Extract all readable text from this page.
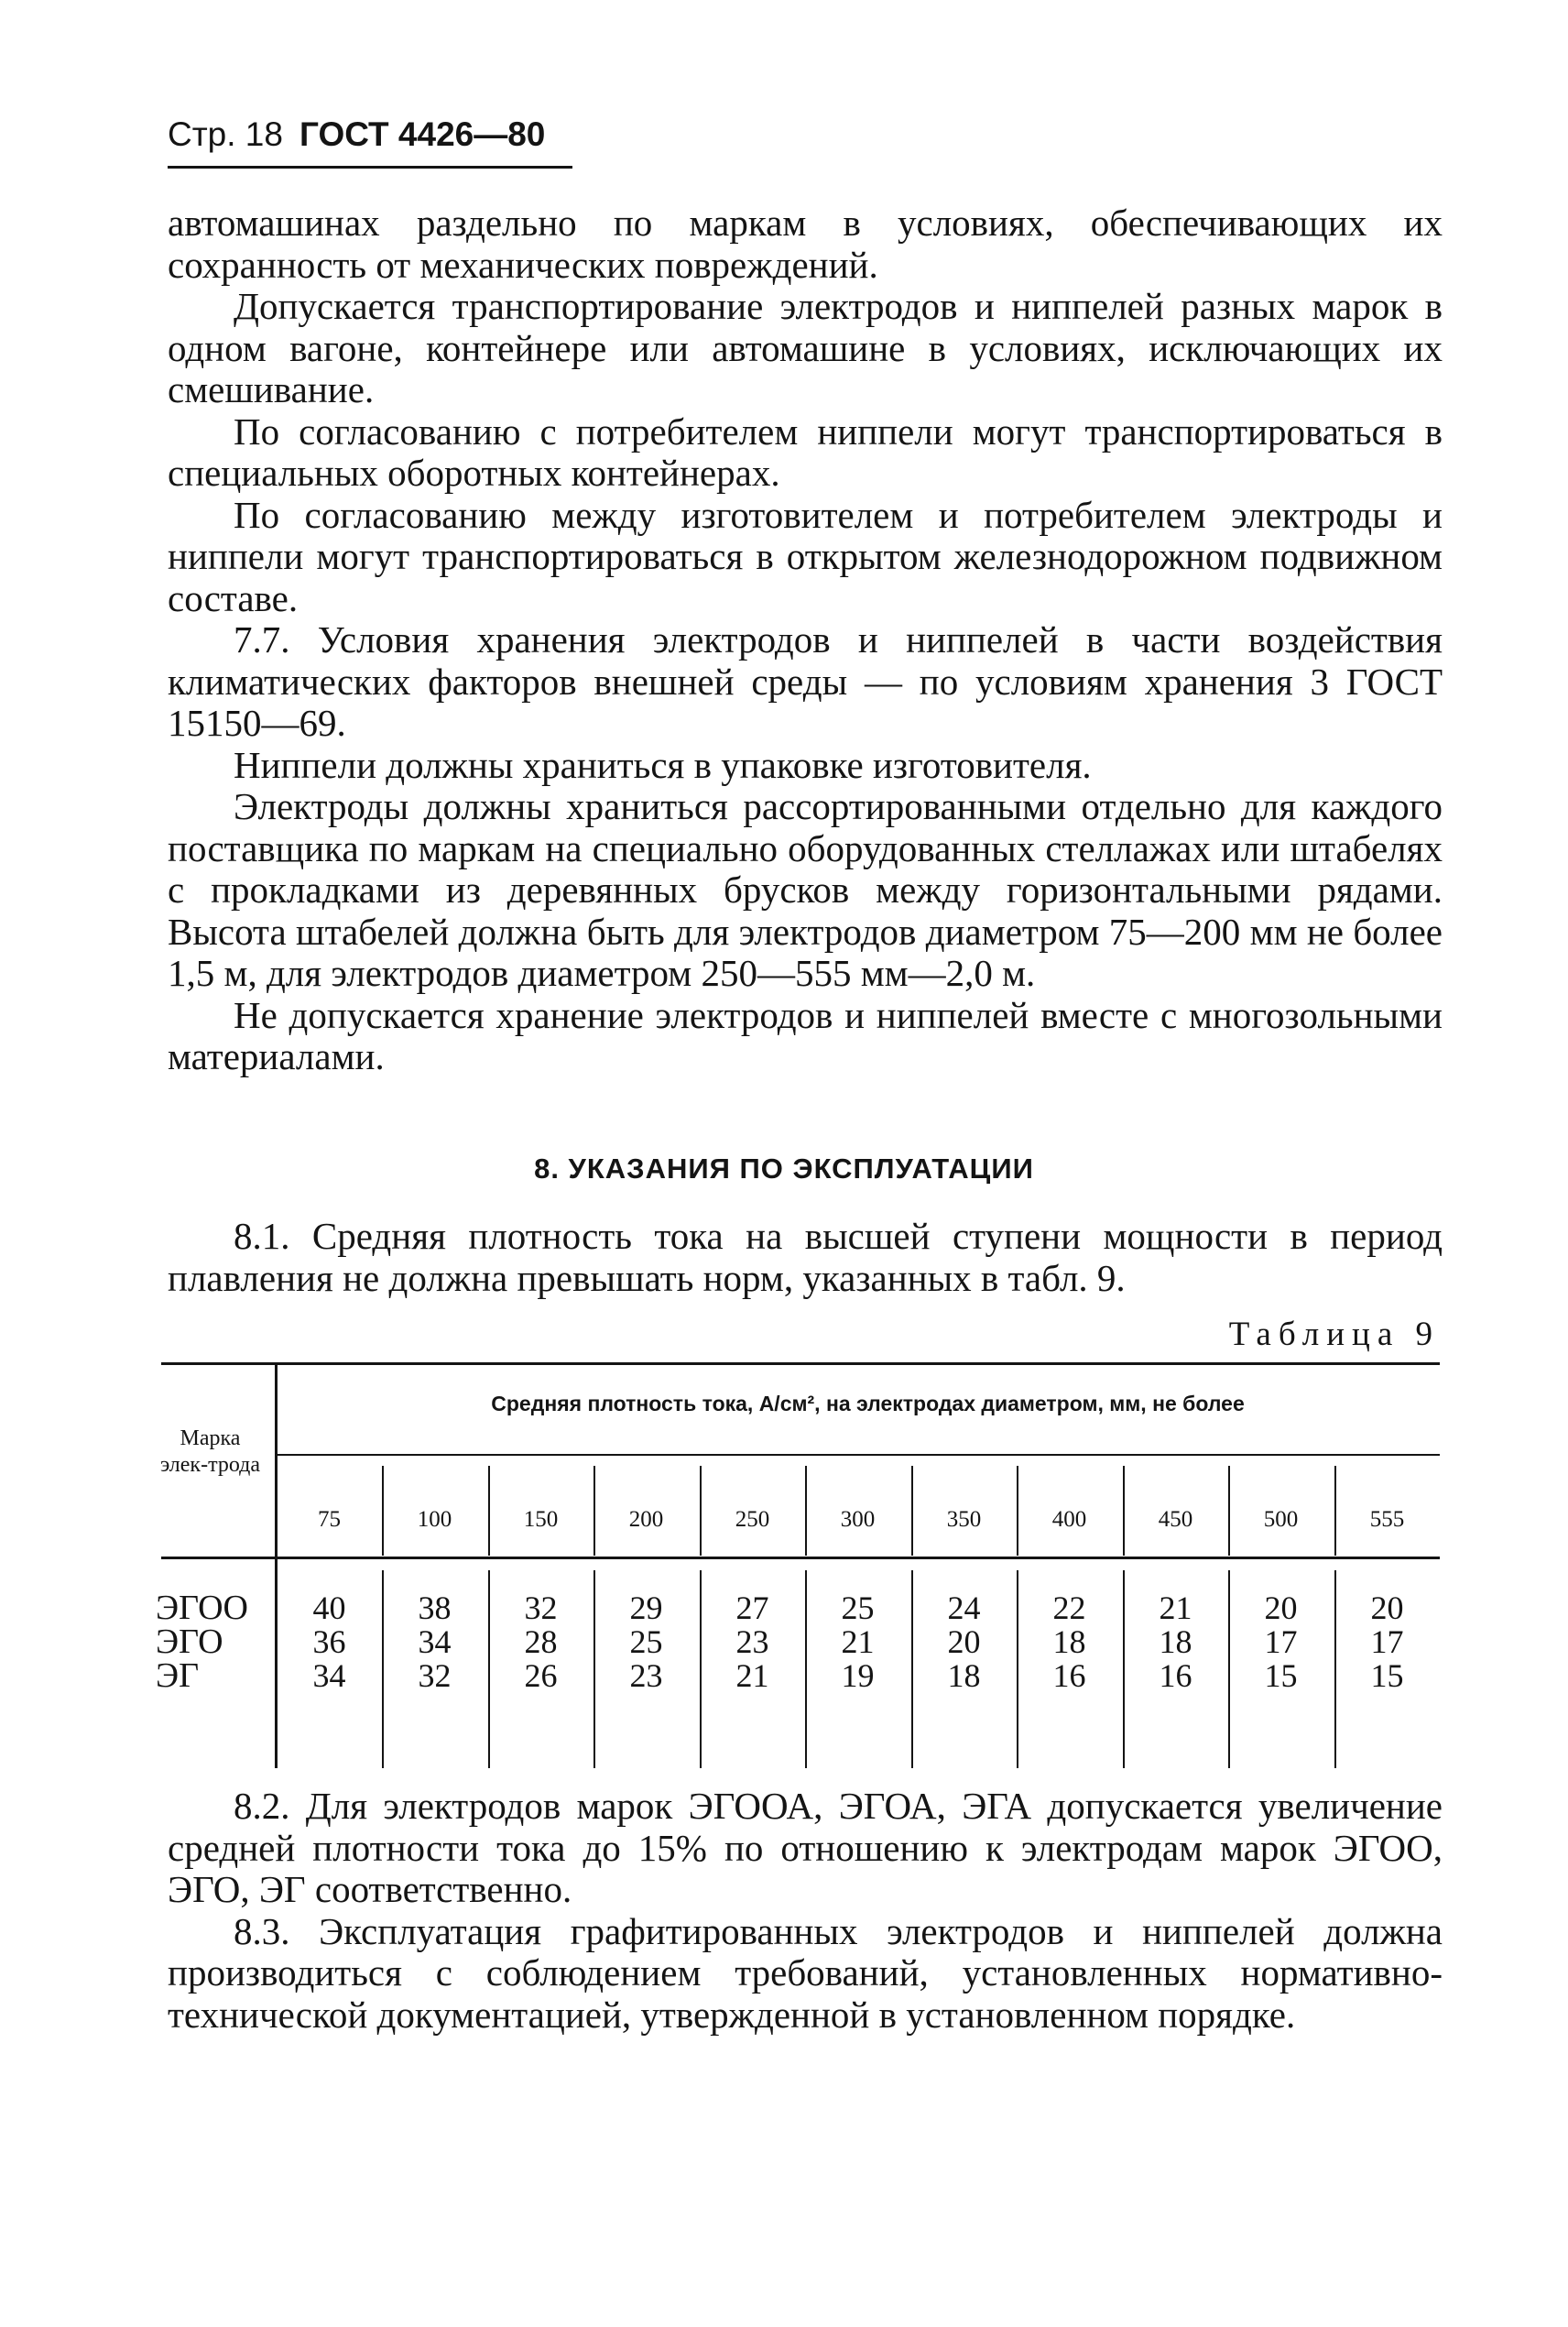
Стр. 18 ГОСТ 4426—80

автомашинах раздельно по маркам в условиях, обеспечивающих их сохранность от механических повреждений.

Допускается транспортирование электродов и ниппелей разных марок в одном вагоне, контейнере или автомашине в условиях, исключающих их смешивание.

По согласованию с потребителем ниппели могут транспортироваться в специальных оборотных контейнерах.

По согласованию между изготовителем и потребителем электроды и ниппели могут транспортироваться в открытом железнодорожном подвижном составе.

7.7. Условия хранения электродов и ниппелей в части воздействия климатических факторов внешней среды — по условиям хранения 3 ГОСТ 15150—69.

Ниппели должны храниться в упаковке изготовителя.

Электроды должны храниться рассортированными отдельно для каждого поставщика по маркам на специально оборудованных стеллажах или штабелях с прокладками из деревянных брусков между горизонтальными рядами. Высота штабелей должна быть для электродов диаметром 75—200 мм не более 1,5 м, для электродов диаметром 250—555 мм—2,0 м.

Не допускается хранение электродов и ниппелей вместе с многозольными материалами.

8. УКАЗАНИЯ ПО ЭКСПЛУАТАЦИИ

8.1. Средняя плотность тока на высшей ступени мощности в период плавления не должна превышать норм, указанных в табл. 9.

Таблица 9
Марка элек-трода
Средняя плотность тока, А/см², на электродах диаметром, мм, не более
ЭГОО
ЭГО
ЭГ
75
40
36
34
100
38
34
32
150
32
28
26
200
29
25
23
250
27
23
21
300
25
21
19
350
24
20
18
400
22
18
16
450
21
18
16
500
20
17
15
555
20
17
15

8.2. Для электродов марок ЭГООА, ЭГОА, ЭГА допускается увеличение средней плотности тока до 15% по отношению к электродам марок ЭГОО, ЭГО, ЭГ соответственно.

8.3. Эксплуатация графитированных электродов и ниппелей должна производиться с соблюдением требований, установленных нормативно-технической документацией, утвержденной в установленном порядке.
